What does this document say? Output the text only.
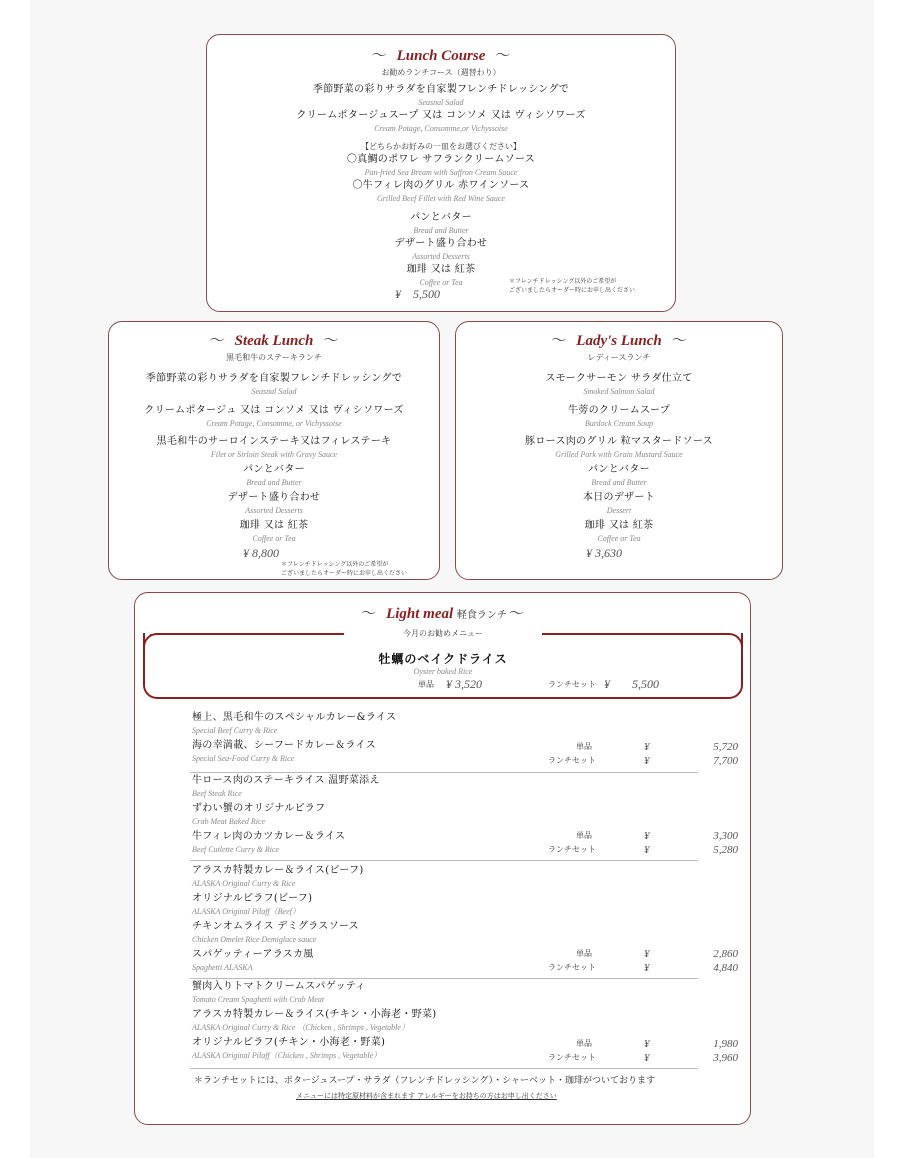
〜 Lunch Course 〜
お勧めランチコース（週替わり）
季節野菜の彩りサラダを自家製フレンチドレッシングで
Seasnal Salad
クリームポタージュスープ 又は コンソメ 又は ヴィシソワーズ
Cream Potage, Consomme,or Vichyssoise
【どちらかお好みの一皿をお選びください】
〇真鯛のポワレ サフランクリームソース
Pan-fried Sea Bream with Saffron Cream Sauce
〇牛フィレ肉のグリル 赤ワインソース
Grilled Beef Fillet with Red Wine Sauce
パンとバター
Bread and Butter
デザート盛り合わせ
Assorted Desserts
珈琲 又は 紅茶
Coffee or Tea
¥ 5,500
＊フレンチドレッシング以外のご希望が
ございましたらオーダー時にお申し出ください
〜 Steak Lunch 〜
黒毛和牛のステーキランチ
季節野菜の彩りサラダを自家製フレンチドレッシングで
Seasnal Salad
クリームポタージュ 又は コンソメ 又は ヴィシソワーズ
Cream Potage, Consomme, or Vichyssoise
黒毛和牛のサーロインステーキ又はフィレステーキ
Filet or Sirloin Steak with Gravy Sauce
パンとバター
Bread and Butter
デザート盛り合わせ
Assorted Desserts
珈琲 又は 紅茶
Coffee or Tea
¥ 8,800
＊フレンチドレッシング以外のご希望が
ございましたらオーダー時にお申し出ください
〜 Lady's Lunch 〜
レディースランチ
スモークサーモン サラダ仕立て
Smoked Salmon Salad
牛蒡のクリームスープ
Burdock Cream Soup
豚ロース肉のグリル 粒マスタードソース
Grilled Pork with Grain Mustard Sauce
パンとバター
Bread and Butter
本日のデザート
Dessert
珈琲 又は 紅茶
Coffee or Tea
¥ 3,630
〜 Light meal 軽食ランチ 〜
今月のお勧めメニュー
牡蠣のベイクドライス
Oyster baked Rice
単品 ¥ 3,520	ランチセット ¥ 5,500
極上、黒毛和牛のスペシャルカレー&ライス
Special Beef Curry & Rice
海の幸満載、シーフードカレー＆ライス
Special Sea-Food Curry & Rice
単品	¥	5,720
ランチセット	¥	7,700
牛ロース肉のステーキライス 温野菜添え
Beef Steak Rice
ずわい蟹のオリジナルピラフ
Crab Meat Baked Rice
牛フィレ肉のカツカレー＆ライス
Beef Cutlette Curry & Rice
単品	¥	3,300
ランチセット	¥	5,280
アラスカ特製カレー＆ライス(ビーフ)
ALASKA Original Curry & Rice
オリジナルピラフ(ビーフ)
ALASKA Original Pilaff（Beef）
チキンオムライス デミグラスソース
Chicken Omelet Rice Demiglace sauce
スパゲッティーアラスカ風
Spaghetti ALASKA
単品	¥	2,860
ランチセット	¥	4,840
蟹肉入りトマトクリームスパゲッティ
Tomato Cream Spaghetti with Crab Meat
アラスカ特製カレー＆ライス(チキン・小海老・野菜)
ALASKA Original Curry & Rice （Chicken , Shrimps , Vegetable）
オリジナルピラフ(チキン・小海老・野菜)
ALASKA Original Pilaff（Chicken , Shrimps , Vegetable）
単品	¥	1,980
ランチセット	¥	3,960
＊ランチセットには、ポタージュスープ・サラダ（フレンチドレッシング）・シャーベット・珈琲がついております
メニューには特定原材料が含まれます アレルギーをお持ちの方はお申し出ください
